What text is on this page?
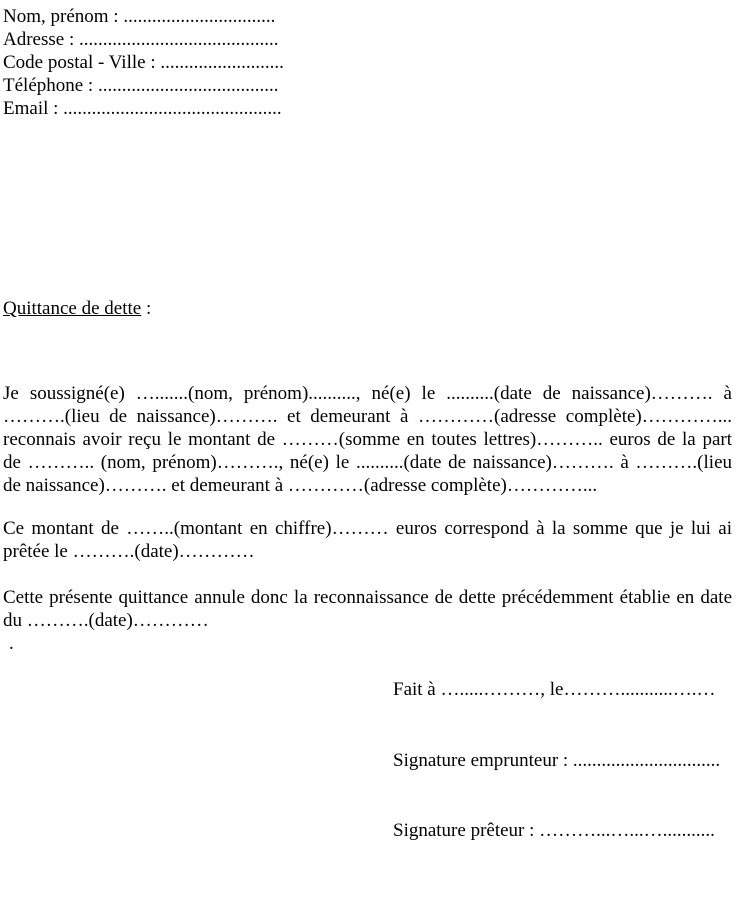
Nom, prénom : ................................
Adresse : ..........................................
Code postal - Ville : ..........................
Téléphone : ......................................
Email : ..............................................
Quittance de dette :
Je soussigné(e) ….......(nom, prénom).........., né(e) le ..........(date de naissance)………. à
……….(lieu de naissance)………. et demeurant à …………(adresse complète)…………...
reconnais avoir reçu le montant de ………(somme en toutes lettres)……….. euros de la part
de ……….. (nom, prénom)………., né(e) le ..........(date de naissance)………. à ……….(lieu
de naissance)………. et demeurant à …………(adresse complète)…………...
Ce montant de ……..(montant en chiffre)……… euros correspond à la somme que je lui ai
prêtée le ……….(date)…………
Cette présente quittance annule donc la reconnaissance de dette précédemment établie en date
du ……….(date)…………
.
Fait à ….....………, le………...........….…
Signature emprunteur : ...............................
Signature prêteur : ………...…...…...........
